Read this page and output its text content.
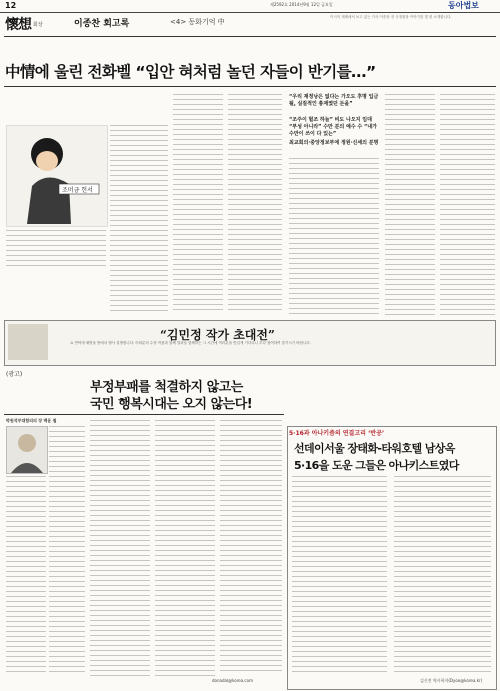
12	제2592호 2014년9월 12일 금요일	동아법보
懷想 회상	이종찬 회고록	<4> 동화기억 中
이시이 재제에서 보고 있는 기사 이종찬 전 국정원장 이야기를 몇 편 소개합니다.
中情에 울린 전화벨 “입안 혀처럼 놀던 자들이 반기를…”
조머금 헌서
“우리 재정낭은 없다는 가오도 후명 입금될, 실질적인 총재였던 돈을”
“조주이 헐조 하늘” 비도 나오지 임대 “부성 아니라” 수만 분의 예수 수 “내가 수만이 쓰이 다 있는”
최교회의·중앙정보부에 정원·신세의 분명
“김민정 작가 초대전”
요 연여에 채명을 방에서 행사 설명합니다. 어려분의 수정 작품과 함께 결과들 함께하는 그 시간에 여러분을 반갑게 기다리니 부다 참여하여 즐기시기 바랍니다.
(광고)
부정부패를 척결하지 않고는
국민 행복시대는 오지 않는다!
박원석부대합의의 장 백윤 철
donadal@korea.com
5·16과 아나키즘의 연결고리 ‘반공’
선데이서울 장태화-타워호텔 남상옥
5·16을 도운 그들은 아나키스트였다
김신전 역사학자(Dyoo@korea.kr)
